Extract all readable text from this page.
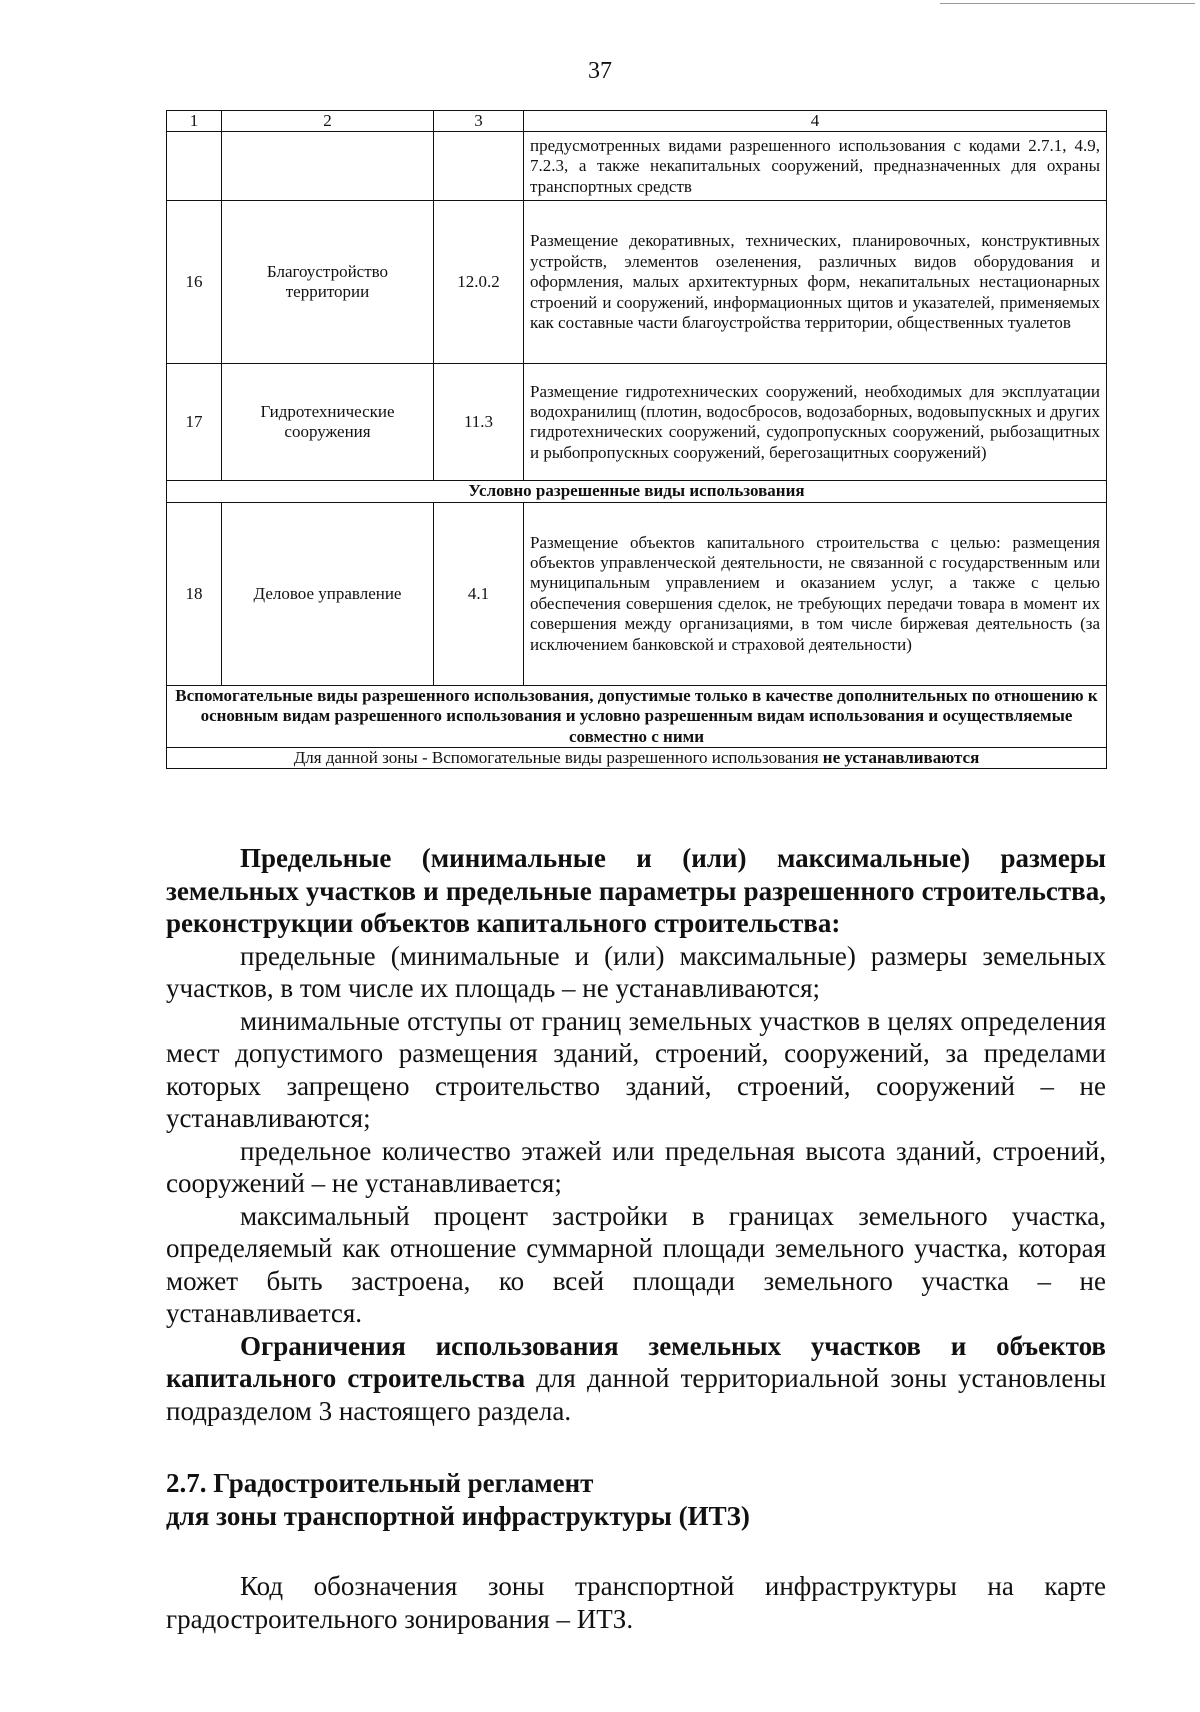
37
1	2	3	4
			предусмотренных видами разрешенного использования с кодами 2.7.1, 4.9, 7.2.3, а также некапитальных сооружений, предназначенных для охраны транспортных средств
16	Благоустройство территории	12.0.2	Размещение декоративных, технических, планировочных, конструктивных устройств, элементов озеленения, различных видов оборудования и оформления, малых архитектурных форм, некапитальных нестационарных строений и сооружений, информационных щитов и указателей, применяемых как составные части благоустройства территории, общественных туалетов
17	Гидротехнические сооружения	11.3	Размещение гидротехнических сооружений, необходимых для эксплуатации водохранилищ (плотин, водосбросов, водозаборных, водовыпускных и других гидротехнических сооружений, судопропускных сооружений, рыбозащитных и рыбопропускных сооружений, берегозащитных сооружений)
Условно разрешенные виды использования			
18	Деловое управление	4.1	Размещение объектов капитального строительства с целью: размещения объектов управленческой деятельности, не связанной с государственным или муниципальным управлением и оказанием услуг, а также с целью обеспечения совершения сделок, не требующих передачи товара в момент их совершения между организациями, в том числе биржевая деятельность (за исключением банковской и страховой деятельности)
Вспомогательные виды разрешенного использования, допустимые только в качестве дополнительных по отношению к основным видам разрешенного использования и условно разрешенным видам использования и осуществляемые совместно с ними			
Для данной зоны - Вспомогательные виды разрешенного использования не устанавливаются			

Предельные (минимальные и (или) максимальные) размеры земельных участков и предельные параметры разрешенного строительства, реконструкции объектов капитального строительства:

предельные (минимальные и (или) максимальные) размеры земельных участков, в том числе их площадь – не устанавливаются;

минимальные отступы от границ земельных участков в целях определения мест допустимого размещения зданий, строений, сооружений, за пределами которых запрещено строительство зданий, строений, сооружений – не устанавливаются;

предельное количество этажей или предельная высота зданий, строений, сооружений – не устанавливается;

максимальный процент застройки в границах земельного участка, определяемый как отношение суммарной площади земельного участка, которая может быть застроена, ко всей площади земельного участка – не устанавливается.

Ограничения использования земельных участков и объектов капитального строительства для данной территориальной зоны установлены подразделом 3 настоящего раздела.

2.7. Градостроительный регламент
для зоны транспортной инфраструктуры (ИТЗ)

Код обозначения зоны транспортной инфраструктуры на карте градостроительного зонирования – ИТЗ.
